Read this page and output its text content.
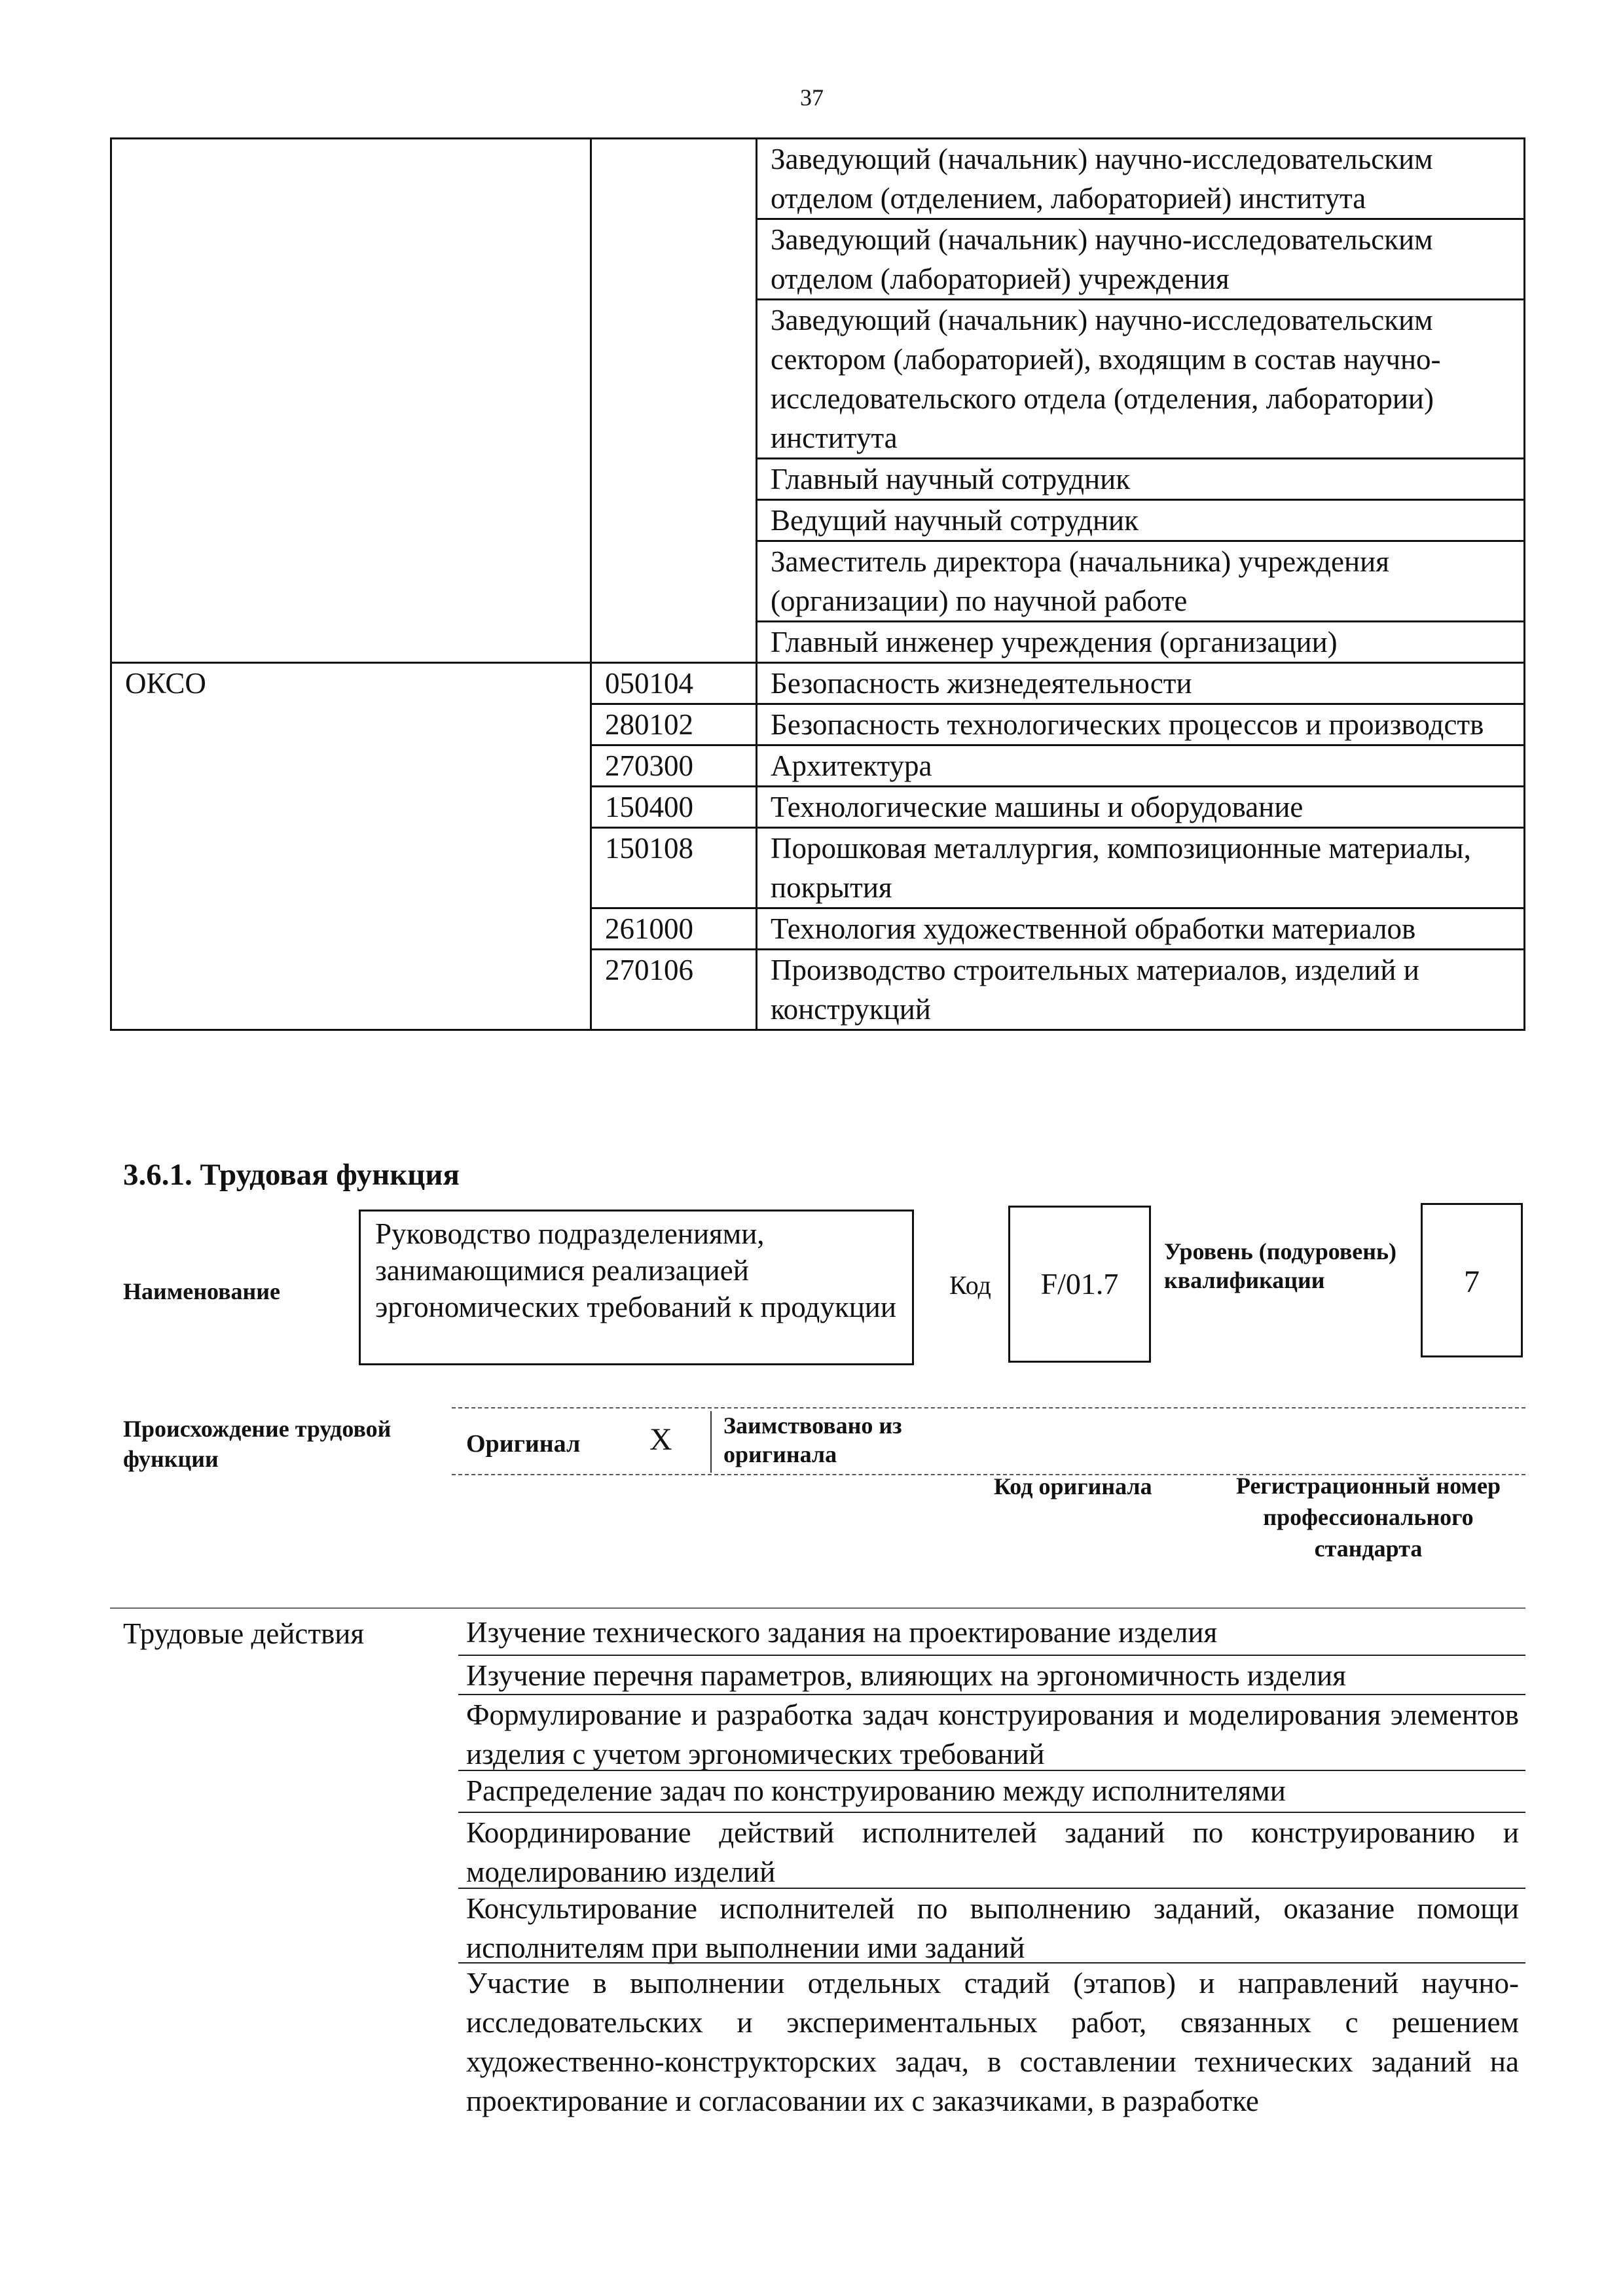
37
		Заведующий (начальник) научно-исследовательским отделом (отделением, лабораторией) института
		Заведующий (начальник) научно-исследовательским отделом (лабораторией) учреждения
		Заведующий (начальник) научно-исследовательским сектором (лабораторией), входящим в состав научно-исследовательского отдела (отделения, лаборатории) института
		Главный научный сотрудник
		Ведущий научный сотрудник
		Заместитель директора (начальника) учреждения (организации) по научной работе
		Главный инженер учреждения (организации)
ОКСО	050104	Безопасность жизнедеятельности
	280102	Безопасность технологических процессов и производств
	270300	Архитектура
	150400	Технологические машины и оборудование
	150108	Порошковая металлургия, композиционные материалы, покрытия
	261000	Технология художественной обработки материалов
	270106	Производство строительных материалов, изделий и конструкций
3.6.1. Трудовая функция
Наименование
Руководство подразделениями, занимающимися реализацией эргономических требований к продукции
Код	F/01.7
Уровень (подуровень) квалификации	7
Происхождение трудовой функции
Оригинал X Заимствовано из оригинала
Код оригинала	Регистрационный номер профессионального стандарта
Трудовые действия	Изучение технического задания на проектирование изделия
Изучение перечня параметров, влияющих на эргономичность изделия
Формулирование и разработка задач конструирования и моделирования элементов изделия с учетом эргономических требований
Распределение задач по конструированию между исполнителями
Координирование действий исполнителей заданий по конструированию и моделированию изделий
Консультирование исполнителей по выполнению заданий, оказание помощи исполнителям при выполнении ими заданий
Участие в выполнении отдельных стадий (этапов) и направлений научно-исследовательских и экспериментальных работ, связанных с решением художественно-конструкторских задач, в составлении технических заданий на проектирование и согласовании их с заказчиками, в разработке
